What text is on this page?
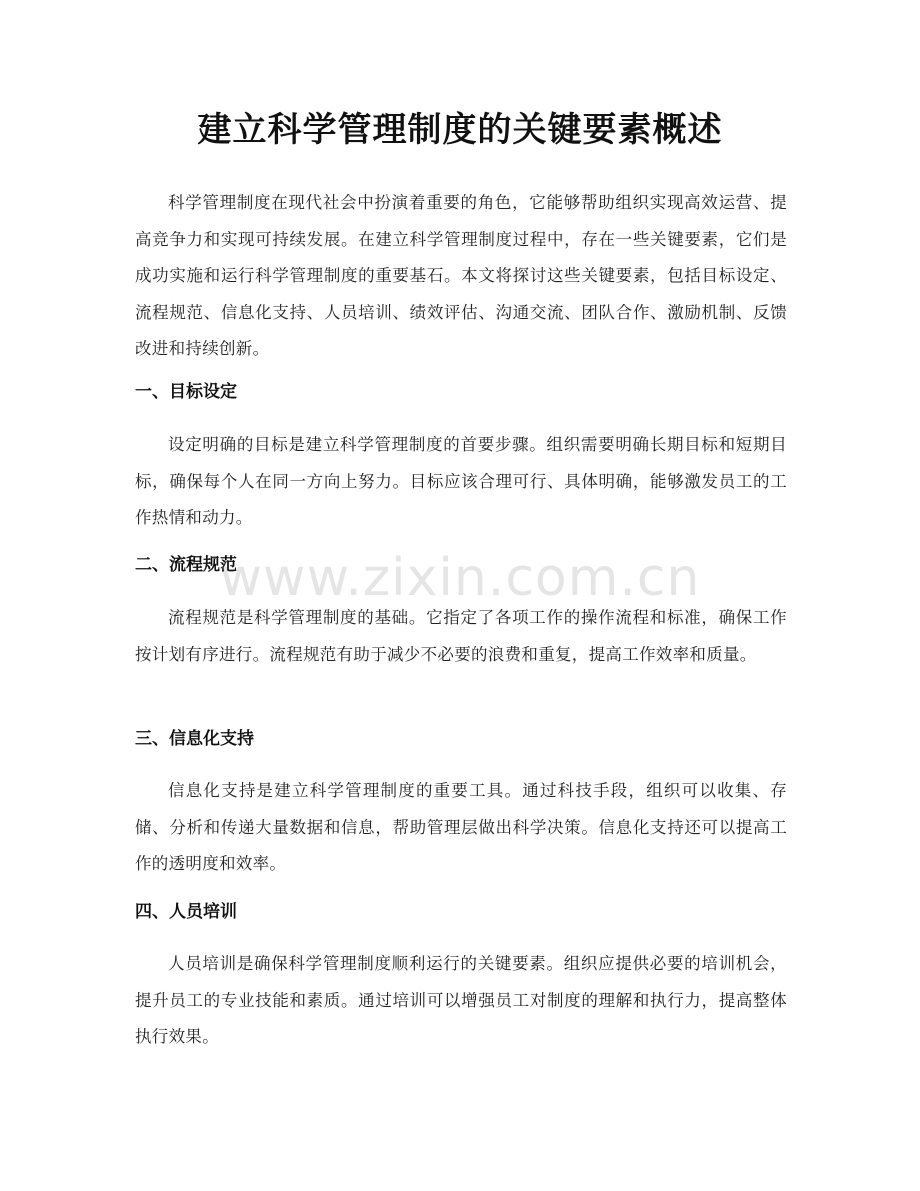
建立科学管理制度的关键要素概述

科学管理制度在现代社会中扮演着重要的角色，它能够帮助组织实现高效运营、提高竞争力和实现可持续发展。在建立科学管理制度过程中，存在一些关键要素，它们是成功实施和运行科学管理制度的重要基石。本文将探讨这些关键要素，包括目标设定、流程规范、信息化支持、人员培训、绩效评估、沟通交流、团队合作、激励机制、反馈改进和持续创新。

一、目标设定

设定明确的目标是建立科学管理制度的首要步骤。组织需要明确长期目标和短期目标，确保每个人在同一方向上努力。目标应该合理可行、具体明确，能够激发员工的工作热情和动力。

二、流程规范

流程规范是科学管理制度的基础。它指定了各项工作的操作流程和标准，确保工作按计划有序进行。流程规范有助于减少不必要的浪费和重复，提高工作效率和质量。

三、信息化支持

信息化支持是建立科学管理制度的重要工具。通过科技手段，组织可以收集、存储、分析和传递大量数据和信息，帮助管理层做出科学决策。信息化支持还可以提高工作的透明度和效率。

四、人员培训

人员培训是确保科学管理制度顺利运行的关键要素。组织应提供必要的培训机会，提升员工的专业技能和素质。通过培训可以增强员工对制度的理解和执行力，提高整体执行效果。

www.zixin.com.cn
